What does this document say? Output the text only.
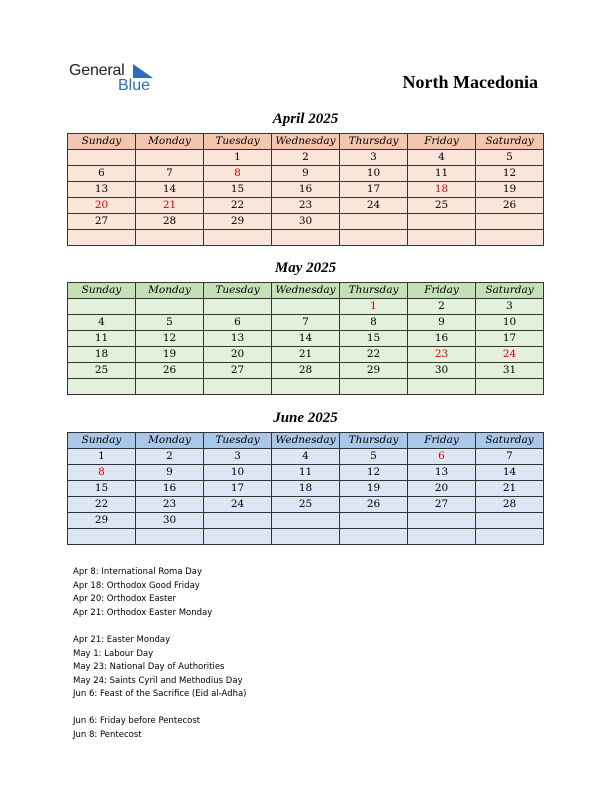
General
Blue	North Macedonia
April 2025
Sunday	Monday	Tuesday	Wednesday	Thursday	Friday	Saturday
		1	2	3	4	5
6	7	8	9	10	11	12
13	14	15	16	17	18	19
20	21	22	23	24	25	26
27	28	29	30			

May 2025
Sunday	Monday	Tuesday	Wednesday	Thursday	Friday	Saturday
				1	2	3
4	5	6	7	8	9	10
11	12	13	14	15	16	17
18	19	20	21	22	23	24
25	26	27	28	29	30	31

June 2025
Sunday	Monday	Tuesday	Wednesday	Thursday	Friday	Saturday
1	2	3	4	5	6	7
8	9	10	11	12	13	14
15	16	17	18	19	20	21
22	23	24	25	26	27	28
29	30					

Apr 8: International Roma Day
Apr 18: Orthodox Good Friday
Apr 20: Orthodox Easter
Apr 21: Orthodox Easter Monday
Apr 21: Easter Monday
May 1: Labour Day
May 23: National Day of Authorities
May 24: Saints Cyril and Methodius Day
Jun 6: Feast of the Sacrifice (Eid al-Adha)
Jun 6: Friday before Pentecost
Jun 8: Pentecost
